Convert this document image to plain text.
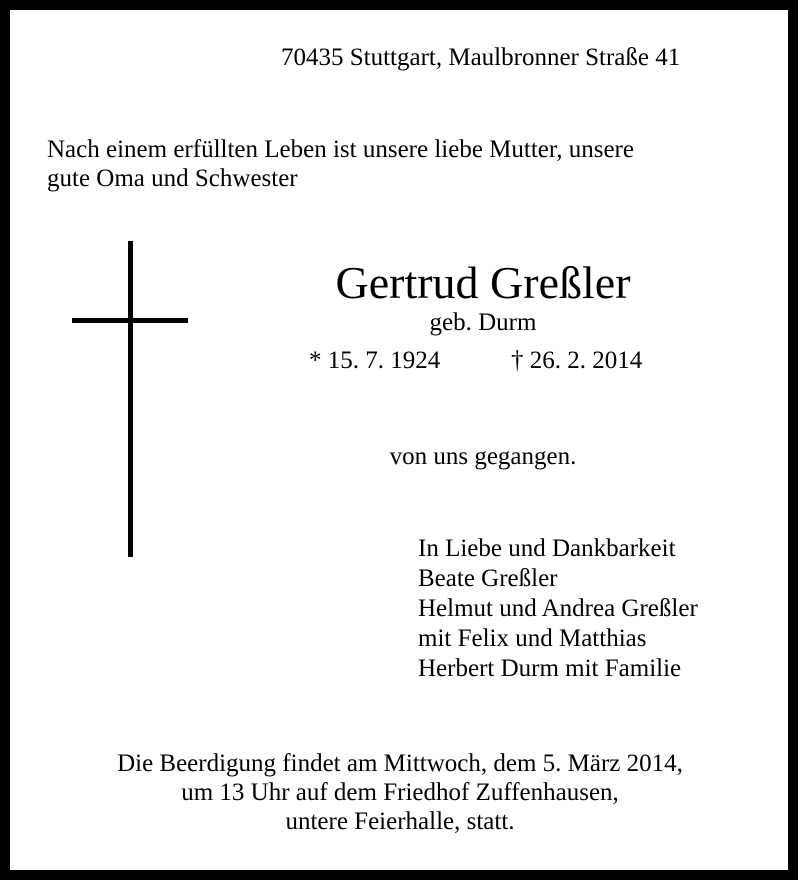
70435 Stuttgart, Maulbronner Straße 41
Nach einem erfüllten Leben ist unsere liebe Mutter, unsere
gute Oma und Schwester
Gertrud Greßler
geb. Durm
* 15. 7. 1924	† 26. 2. 2014
von uns gegangen.
In Liebe und Dankbarkeit
Beate Greßler
Helmut und Andrea Greßler
mit Felix und Matthias
Herbert Durm mit Familie
Die Beerdigung findet am Mittwoch, dem 5. März 2014,
um 13 Uhr auf dem Friedhof Zuffenhausen,
untere Feierhalle, statt.
